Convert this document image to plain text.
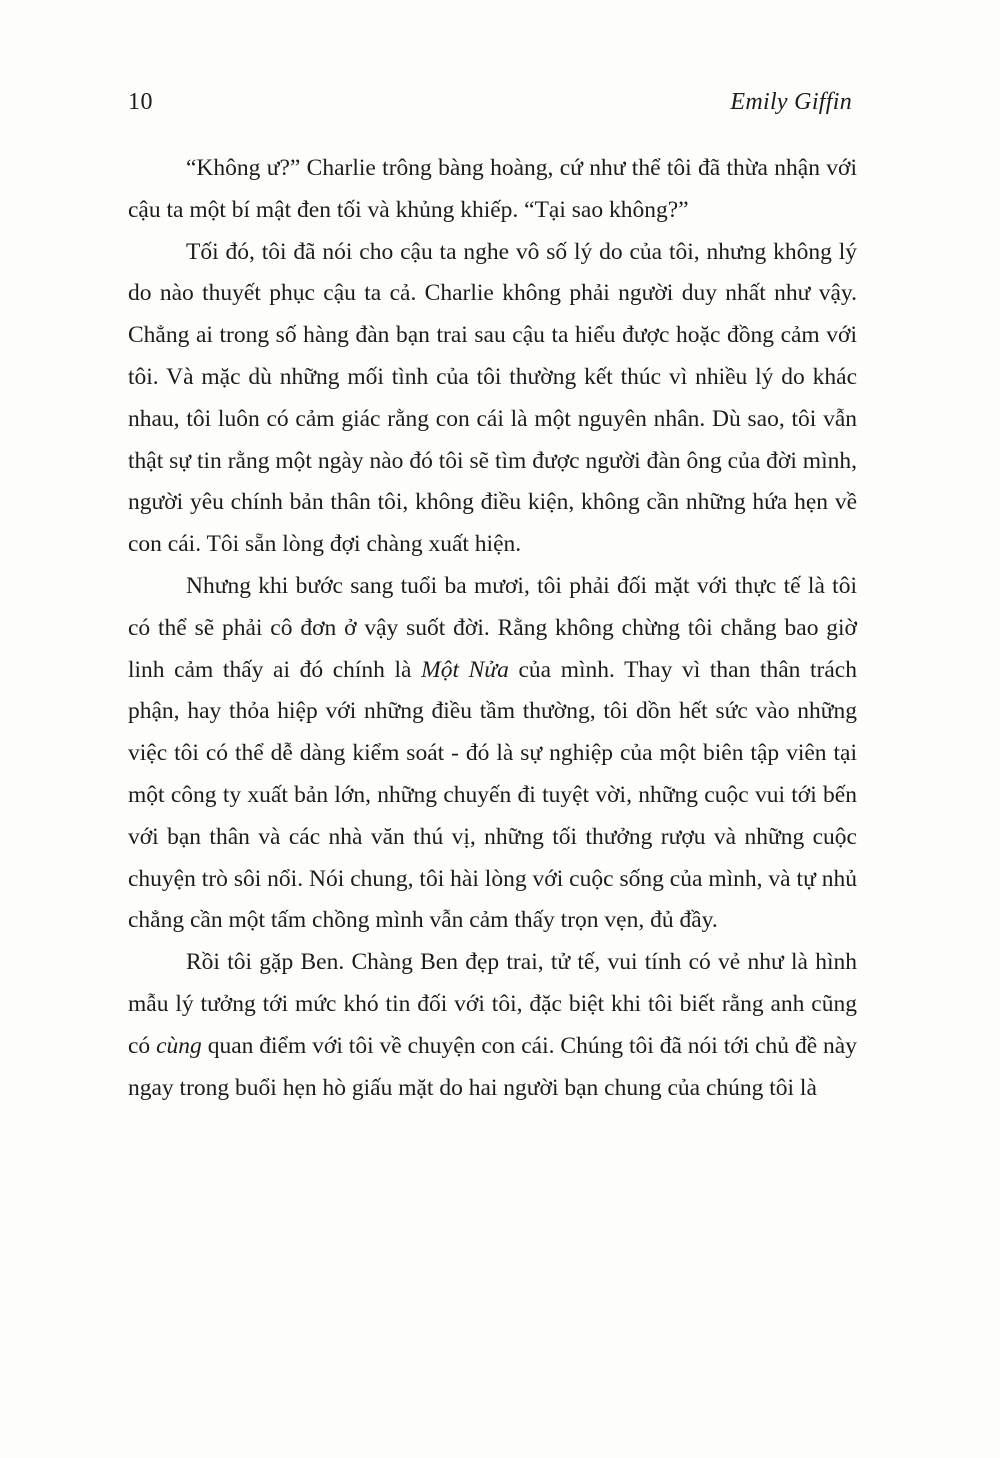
10	Emily Giffin

“Không ư?” Charlie trông bàng hoàng, cứ như thể tôi đã thừa nhận với cậu ta một bí mật đen tối và khủng khiếp. “Tại sao không?”

Tối đó, tôi đã nói cho cậu ta nghe vô số lý do của tôi, nhưng không lý do nào thuyết phục cậu ta cả. Charlie không phải người duy nhất như vậy. Chẳng ai trong số hàng đàn bạn trai sau cậu ta hiểu được hoặc đồng cảm với tôi. Và mặc dù những mối tình của tôi thường kết thúc vì nhiều lý do khác nhau, tôi luôn có cảm giác rằng con cái là một nguyên nhân. Dù sao, tôi vẫn thật sự tin rằng một ngày nào đó tôi sẽ tìm được người đàn ông của đời mình, người yêu chính bản thân tôi, không điều kiện, không cần những hứa hẹn về con cái. Tôi sẵn lòng đợi chàng xuất hiện.

Nhưng khi bước sang tuổi ba mươi, tôi phải đối mặt với thực tế là tôi có thể sẽ phải cô đơn ở vậy suốt đời. Rằng không chừng tôi chẳng bao giờ linh cảm thấy ai đó chính là Một Nửa của mình. Thay vì than thân trách phận, hay thỏa hiệp với những điều tầm thường, tôi dồn hết sức vào những việc tôi có thể dễ dàng kiểm soát - đó là sự nghiệp của một biên tập viên tại một công ty xuất bản lớn, những chuyến đi tuyệt vời, những cuộc vui tới bến với bạn thân và các nhà văn thú vị, những tối thưởng rượu và những cuộc chuyện trò sôi nổi. Nói chung, tôi hài lòng với cuộc sống của mình, và tự nhủ chẳng cần một tấm chồng mình vẫn cảm thấy trọn vẹn, đủ đầy.

Rồi tôi gặp Ben. Chàng Ben đẹp trai, tử tế, vui tính có vẻ như là hình mẫu lý tưởng tới mức khó tin đối với tôi, đặc biệt khi tôi biết rằng anh cũng có cùng quan điểm với tôi về chuyện con cái. Chúng tôi đã nói tới chủ đề này ngay trong buổi hẹn hò giấu mặt do hai người bạn chung của chúng tôi là
